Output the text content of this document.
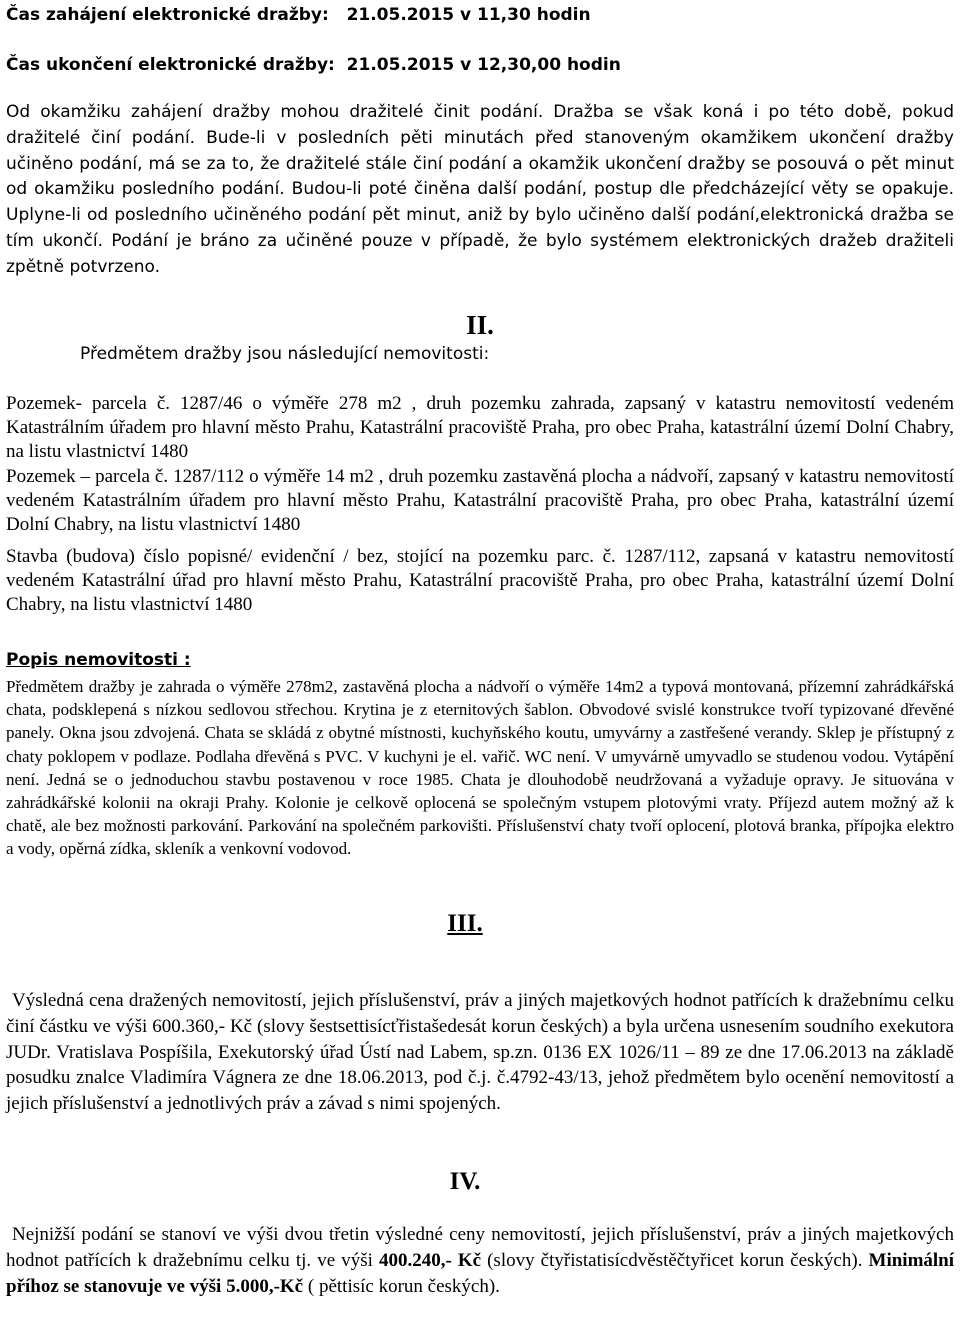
Čas zahájení elektronické dražby: 21.05.2015 v 11,30 hodin

Čas ukončení elektronické dražby: 21.05.2015 v 12,30,00 hodin

Od okamžiku zahájení dražby mohou dražitelé činit podání. Dražba se však koná i po této době, pokud dražitelé činí podání. Bude-li v posledních pěti minutách před stanoveným okamžikem ukončení dražby učiněno podání, má se za to, že dražitelé stále činí podání a okamžik ukončení dražby se posouvá o pět minut od okamžiku posledního podání. Budou-li poté činěna další podání, postup dle předcházející věty se opakuje. Uplyne-li od posledního učiněného podání pět minut, aniž by bylo učiněno další podání,elektronická dražba se tím ukončí. Podání je bráno za učiněné pouze v případě, že bylo systémem elektronických dražeb dražiteli zpětně potvrzeno.

II.

Předmětem dražby jsou následující nemovitosti:

Pozemek- parcela č. 1287/46 o výměře 278 m2 , druh pozemku zahrada, zapsaný v katastru nemovitostí vedeném Katastrálním úřadem pro hlavní město Prahu, Katastrální pracoviště Praha, pro obec Praha, katastrální území Dolní Chabry, na listu vlastnictví 1480

Pozemek – parcela č. 1287/112 o výměře 14 m2 , druh pozemku zastavěná plocha a nádvoří, zapsaný v katastru nemovitostí vedeném Katastrálním úřadem pro hlavní město Prahu, Katastrální pracoviště Praha, pro obec Praha, katastrální území Dolní Chabry, na listu vlastnictví 1480

Stavba (budova) číslo popisné/ evidenční / bez, stojící na pozemku parc. č. 1287/112, zapsaná v katastru nemovitostí vedeném Katastrální úřad pro hlavní město Prahu, Katastrální pracoviště Praha, pro obec Praha, katastrální území Dolní Chabry, na listu vlastnictví 1480

Popis nemovitosti :

Předmětem dražby je zahrada o výměře 278m2, zastavěná plocha a nádvoří o výměře 14m2 a typová montovaná, přízemní zahrádkářská chata, podsklepená s nízkou sedlovou střechou. Krytina je z eternitových šablon. Obvodové svislé konstrukce tvoří typizované dřevěné panely. Okna jsou zdvojená. Chata se skládá z obytné místnosti, kuchyňského koutu, umyvárny a zastřešené verandy. Sklep je přístupný z chaty poklopem v podlaze. Podlaha dřevěná s PVC. V kuchyni je el. vařič. WC není. V umyvárně umyvadlo se studenou vodou. Vytápění není. Jedná se o jednoduchou stavbu postavenou v roce 1985. Chata je dlouhodobě neudržovaná a vyžaduje opravy. Je situována v zahrádkářské kolonii na okraji Prahy. Kolonie je celkově oplocená se společným vstupem plotovými vraty. Příjezd autem možný až k chatě, ale bez možnosti parkování. Parkování na společném parkovišti. Příslušenství chaty tvoří oplocení, plotová branka, přípojka elektro a vody, opěrná zídka, skleník a venkovní vodovod.

III.

Výsledná cena dražených nemovitostí, jejich příslušenství, práv a jiných majetkových hodnot patřících k dražebnímu celku činí částku ve výši 600.360,- Kč (slovy šestsettisícťřistašedesát korun českých) a byla určena usnesením soudního exekutora JUDr. Vratislava Pospíšila, Exekutorský úřad Ústí nad Labem, sp.zn. 0136 EX 1026/11 – 89 ze dne 17.06.2013 na základě posudku znalce Vladimíra Vágnera ze dne 18.06.2013, pod č.j. č.4792-43/13, jehož předmětem bylo ocenění nemovitostí a jejich příslušenství a jednotlivých práv a závad s nimi spojených.

IV.

Nejnižší podání se stanoví ve výši dvou třetin výsledné ceny nemovitostí, jejich příslušenství, práv a jiných majetkových hodnot patřících k dražebnímu celku tj. ve výši 400.240,- Kč (slovy čtyřistatisícdvěstěčtyřicet korun českých). Minimální příhoz se stanovuje ve výši 5.000,-Kč ( pěttisíc korun českých).
